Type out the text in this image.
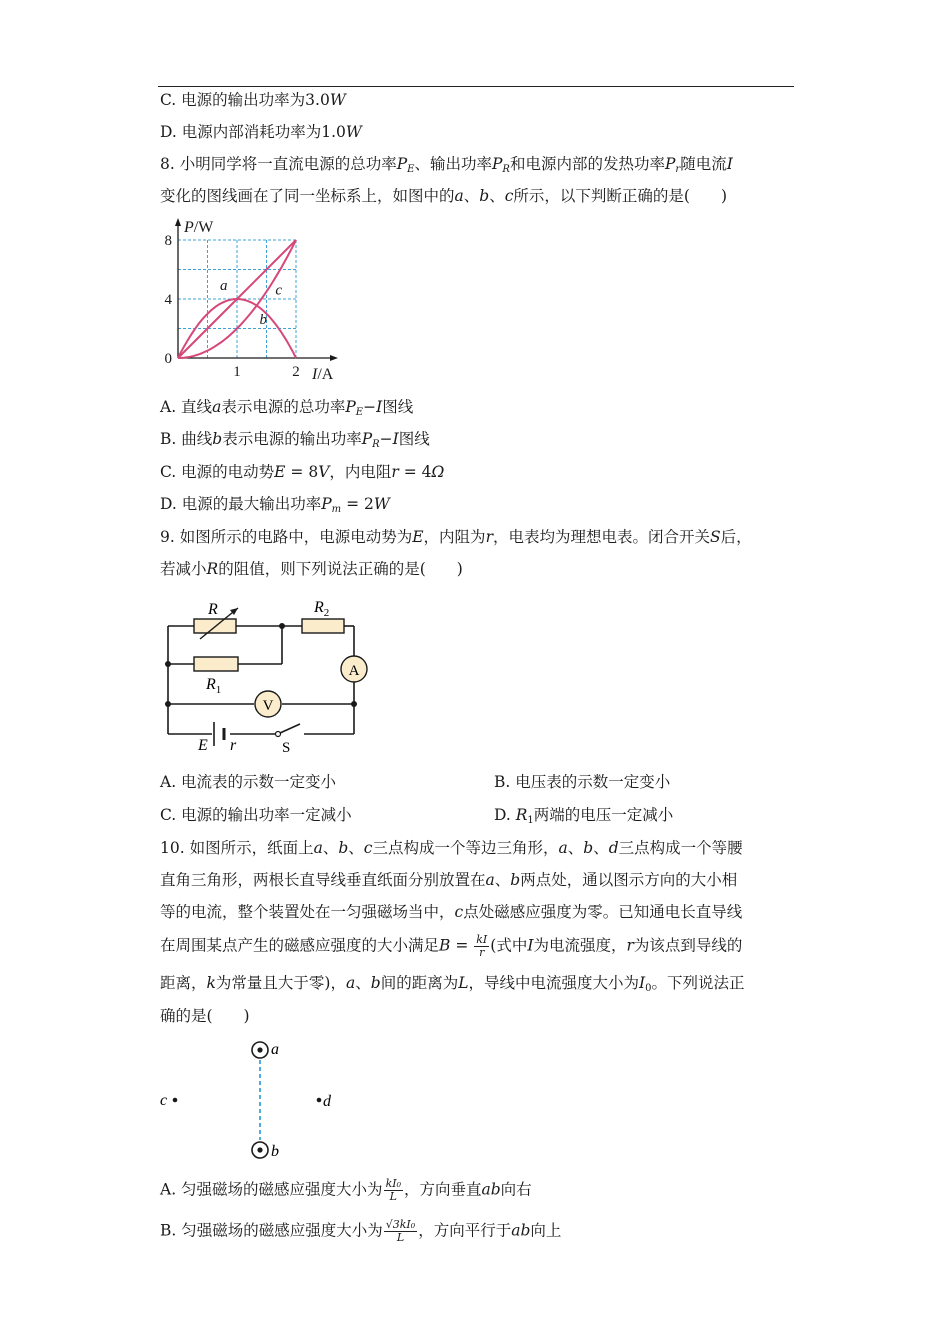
C. 电源的输出功率为3.0W
D. 电源内部消耗功率为1.0W
8. 小明同学将一直流电源的总功率$P_E$、输出功率$P_R$和电源内部的发热功率$P_r$随电流I
变化的图线画在了同一坐标系上，如图中的a、b、c所示，以下判断正确的是(　　)
a	c
b
8
4
0
1	2
P/W
I/A
A. 直线a表示电源的总功率$P_E-I$图线
B. 曲线b表示电源的输出功率$P_R-I$图线
C. 电源的电动势E = 8V，内电阻r = 4Ω
D. 电源的最大输出功率$P_m = 2W$
9. 如图所示的电路中，电源电动势为E，内阻为r，电表均为理想电表。闭合开关S后，
若减小R的阻值，则下列说法正确的是(　　)
R	$R_2$
$R_1$
A
V
E r	S
A. 电流表的示数一定变小	B. 电压表的示数一定变小
C. 电源的输出功率一定减小	D. $R_1$两端的电压一定减小
10. 如图所示，纸面上a、b、c三点构成一个等边三角形，a、b、d三点构成一个等腰
直角三角形，两根长直导线垂直纸面分别放置在a、b两点处，通以图示方向的大小相
等的电流，整个装置处在一匀强磁场当中，c点处磁感应强度为零。已知通电长直导线
在周围某点产生的磁感应强度的大小满足$B = \frac{kI}{r}$ (式中I为电流强度，r为该点到导线的
距离，k为常量且大于零)，a、b间的距离为L，导线中电流强度大小为$I_0$。下列说法正
确的是(　　)
a
b
c	d
A. 匀强磁场的磁感应强度大小为 $\frac{\text{kI₀}}{L}$ ，方向垂直ab向右
B. 匀强磁场的磁感应强度大小为 $\frac{\text{√3kI₀}}{L}$ ，方向平行于ab向上
